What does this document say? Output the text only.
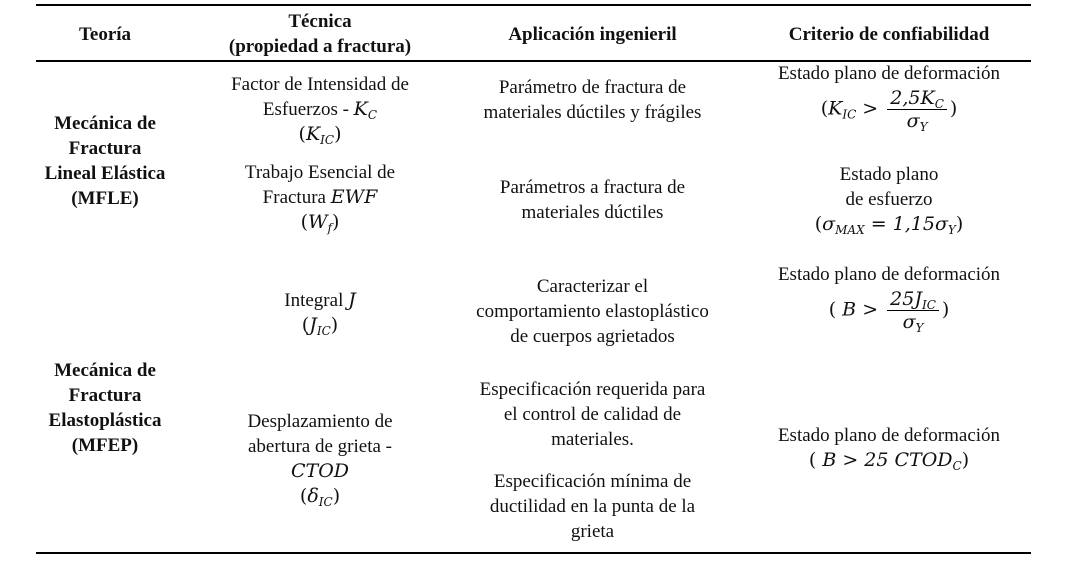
Teoría
Técnica
(propiedad a fractura)
Aplicación ingenieril	Criterio de confiabilidad
Mecánica de
Fractura
Lineal Elástica
(MFLE)
Factor de Intensidad de
Esfuerzos - $K_C$
$(K_{IC})$
Parámetro de fractura de
materiales dúctiles y frágiles
Estado plano de deformación
($K_{IC} > \frac{2,5K_C}{\sigma_Y}$ )
Trabajo Esencial de
Fractura EWF
$(W_f)$
Parámetros a fractura de
materiales dúctiles
Estado plano
de esfuerzo
$(\sigma_{MAX} = 1,15\sigma_Y)$
Mecánica de
Fractura
Elastoplástica
(MFEP)
Integral J
$(J_{IC})$
Caracterizar el
comportamiento elastoplástico
de cuerpos agrietados
Estado plano de deformación
( $B > \frac{25J_{IC}}{\sigma_Y}$ )
Desplazamiento de
abertura de grieta -
CTOD
$(\delta_{IC})$
Especificación requerida para
el control de calidad de
materiales.
Especificación mínima de
ductilidad en la punta de la
grieta
Estado plano de deformación
( B > 25 $CTOD_C$)
